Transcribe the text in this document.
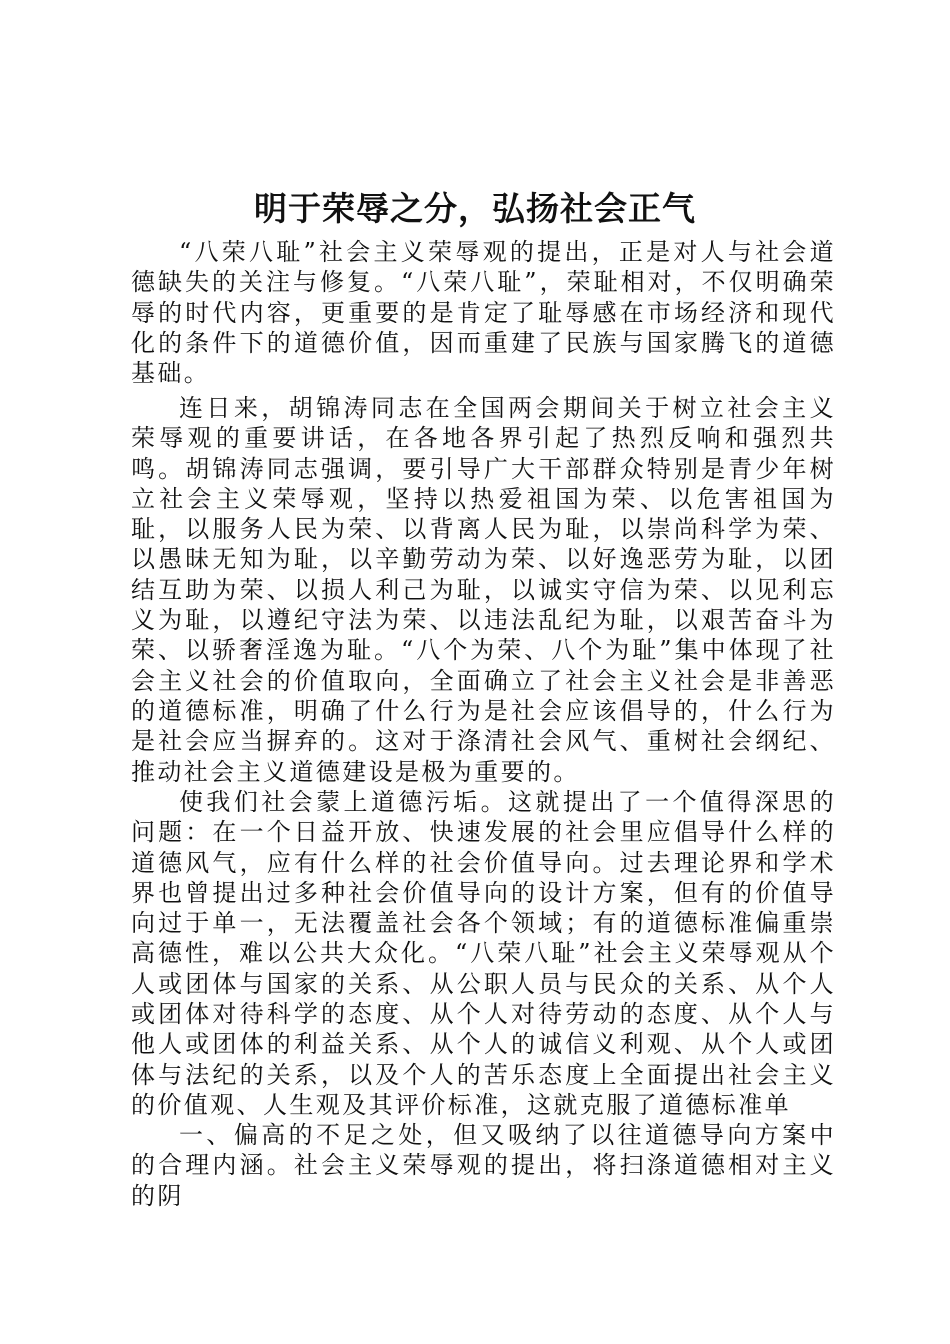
明于荣辱之分，弘扬社会正气

“八荣八耻”社会主义荣辱观的提出，正是对人与社会道德缺失的关注与修复。“八荣八耻”，荣耻相对，不仅明确荣辱的时代内容，更重要的是肯定了耻辱感在市场经济和现代化的条件下的道德价值，因而重建了民族与国家腾飞的道德基础。

连日来，胡锦涛同志在全国两会期间关于树立社会主义荣辱观的重要讲话，在各地各界引起了热烈反响和强烈共鸣。胡锦涛同志强调，要引导广大干部群众特别是青少年树立社会主义荣辱观，坚持以热爱祖国为荣、以危害祖国为耻，以服务人民为荣、以背离人民为耻，以崇尚科学为荣、以愚昧无知为耻，以辛勤劳动为荣、以好逸恶劳为耻，以团结互助为荣、以损人利己为耻，以诚实守信为荣、以见利忘义为耻，以遵纪守法为荣、以违法乱纪为耻，以艰苦奋斗为荣、以骄奢淫逸为耻。“八个为荣、八个为耻”集中体现了社会主义社会的价值取向，全面确立了社会主义社会是非善恶的道德标准，明确了什么行为是社会应该倡导的，什么行为是社会应当摒弃的。这对于涤清社会风气、重树社会纲纪、推动社会主义道德建设是极为重要的。

使我们社会蒙上道德污垢。这就提出了一个值得深思的问题：在一个日益开放、快速发展的社会里应倡导什么样的道德风气，应有什么样的社会价值导向。过去理论界和学术界也曾提出过多种社会价值导向的设计方案，但有的价值导向过于单一，无法覆盖社会各个领域；有的道德标准偏重崇高德性，难以公共大众化。“八荣八耻”社会主义荣辱观从个人或团体与国家的关系、从公职人员与民众的关系、从个人或团体对待科学的态度、从个人对待劳动的态度、从个人与他人或团体的利益关系、从个人的诚信义利观、从个人或团体与法纪的关系，以及个人的苦乐态度上全面提出社会主义的价值观、人生观及其评价标准，这就克服了道德标准单

一、偏高的不足之处，但又吸纳了以往道德导向方案中的合理内涵。社会主义荣辱观的提出，将扫涤道德相对主义的阴
